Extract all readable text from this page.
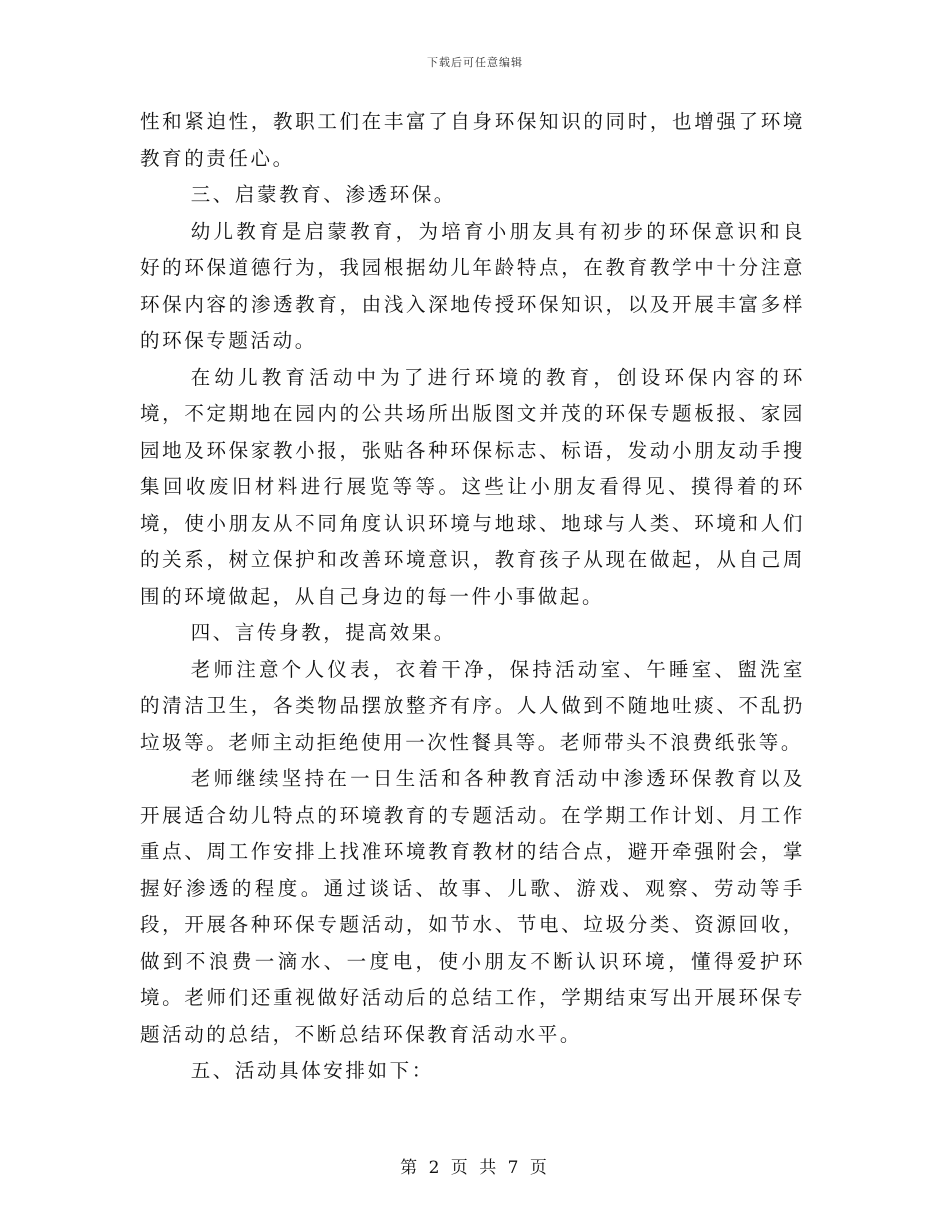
下载后可任意编辑

性和紧迫性，教职工们在丰富了自身环保知识的同时，也增强了环境教育的责任心。

三、启蒙教育、渗透环保。

幼儿教育是启蒙教育，为培育小朋友具有初步的环保意识和良好的环保道德行为，我园根据幼儿年龄特点，在教育教学中十分注意环保内容的渗透教育，由浅入深地传授环保知识，以及开展丰富多样的环保专题活动。

在幼儿教育活动中为了进行环境的教育，创设环保内容的环境，不定期地在园内的公共场所出版图文并茂的环保专题板报、家园园地及环保家教小报，张贴各种环保标志、标语，发动小朋友动手搜集回收废旧材料进行展览等等。这些让小朋友看得见、摸得着的环境，使小朋友从不同角度认识环境与地球、地球与人类、环境和人们的关系，树立保护和改善环境意识，教育孩子从现在做起，从自己周围的环境做起，从自己身边的每一件小事做起。

四、言传身教，提高效果。

老师注意个人仪表，衣着干净，保持活动室、午睡室、盥洗室的清洁卫生，各类物品摆放整齐有序。人人做到不随地吐痰、不乱扔垃圾等。老师主动拒绝使用一次性餐具等。老师带头不浪费纸张等。

老师继续坚持在一日生活和各种教育活动中渗透环保教育以及开展适合幼儿特点的环境教育的专题活动。在学期工作计划、月工作重点、周工作安排上找准环境教育教材的结合点，避开牵强附会，掌握好渗透的程度。通过谈话、故事、儿歌、游戏、观察、劳动等手段，开展各种环保专题活动，如节水、节电、垃圾分类、资源回收，做到不浪费一滴水、一度电，使小朋友不断认识环境，懂得爱护环境。老师们还重视做好活动后的总结工作，学期结束写出开展环保专题活动的总结，不断总结环保教育活动水平。

五、活动具体安排如下：

第 2 页 共 7 页
